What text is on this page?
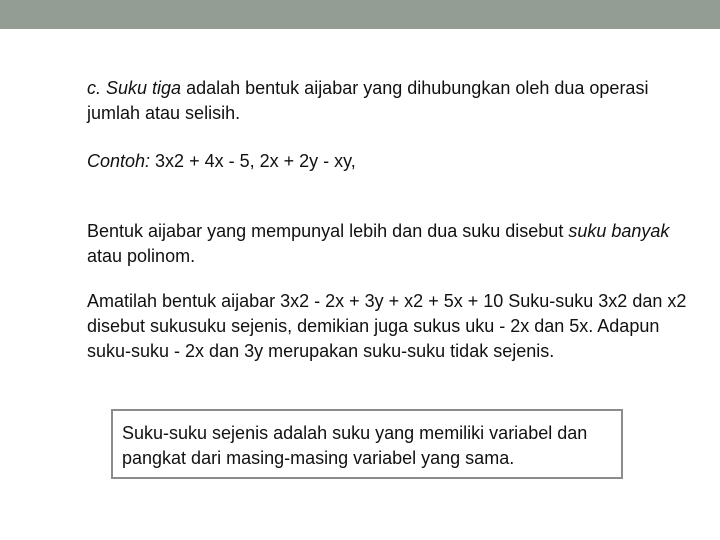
c. Suku tiga adalah bentuk aijabar yang dihubungkan oleh dua operasi jumlah atau selisih.

Contoh: 3x2 + 4x - 5, 2x + 2y - xy,

Bentuk aijabar yang mempunyal lebih dan dua suku disebut suku banyak atau polinom.

Amatilah bentuk aijabar 3x2 - 2x + 3y + x2 + 5x + 10 Suku-suku 3x2 dan x2 disebut sukusuku sejenis, demikian juga sukus uku - 2x dan 5x. Adapun suku-suku - 2x dan 3y merupakan suku-suku tidak sejenis.

Suku-suku sejenis adalah suku yang memiliki variabel dan pangkat dari masing-masing variabel yang sama.
